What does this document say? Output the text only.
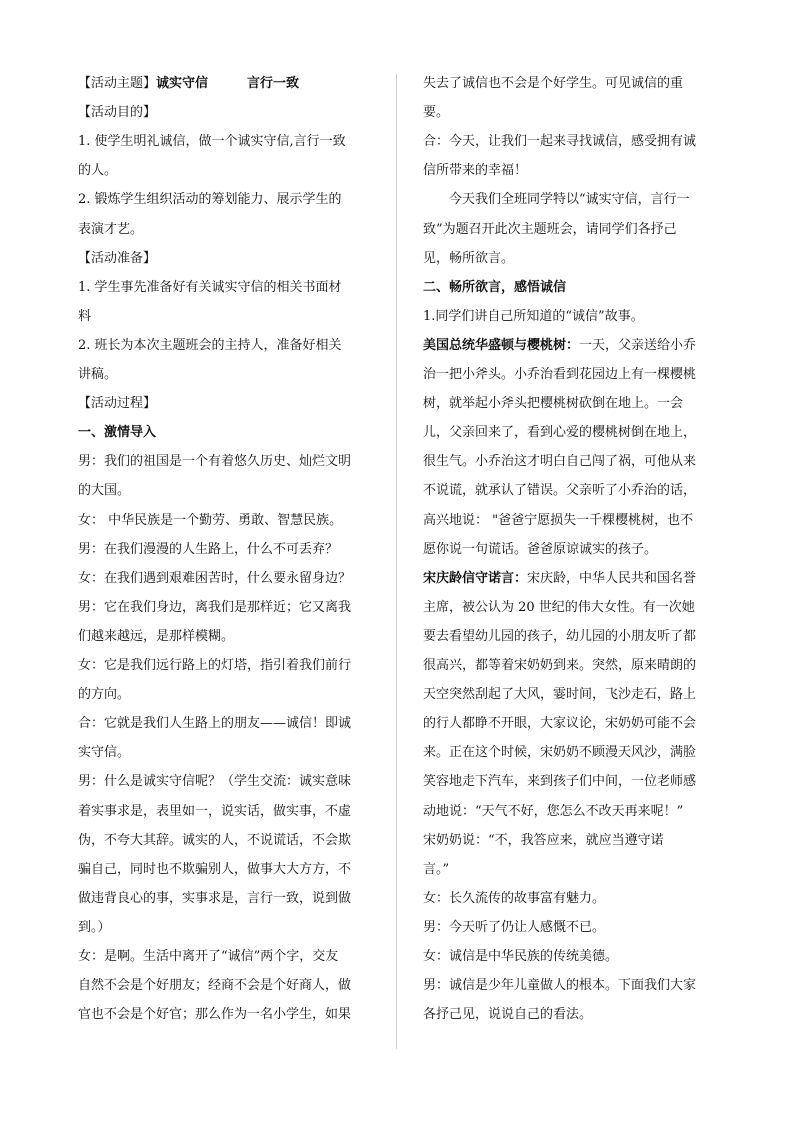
【活动主题】诚实守信　　　言行一致
【活动目的】
1. 使学生明礼诚信，做一个诚实守信,言行一致
的人。
2. 锻炼学生组织活动的筹划能力、展示学生的
表演才艺。
【活动准备】
1. 学生事先准备好有关诚实守信的相关书面材
料
2. 班长为本次主题班会的主持人，准备好相关
讲稿。
【活动过程】
一、激情导入
男：我们的祖国是一个有着悠久历史、灿烂文明
的大国。
女： 中华民族是一个勤劳、勇敢、智慧民族。
男：在我们漫漫的人生路上，什么不可丢弃？
女：在我们遇到艰难困苦时，什么要永留身边？
男：它在我们身边，离我们是那样近；它又离我
们越来越远，是那样模糊。
女：它是我们远行路上的灯塔，指引着我们前行
的方向。
合：它就是我们人生路上的朋友——诚信！即诚
实守信。
男：什么是诚实守信呢？（学生交流：诚实意味
着实事求是，表里如一，说实话，做实事，不虚
伪，不夸大其辞。诚实的人，不说谎话，不会欺
骗自己，同时也不欺骗别人，做事大大方方，不
做违背良心的事，实事求是，言行一致，说到做
到。）
女：是啊。生活中离开了“诚信”两个字，交友
自然不会是个好朋友；经商不会是个好商人，做
官也不会是个好官；那么作为一名小学生，如果
失去了诚信也不会是个好学生。可见诚信的重
要。
合：今天，让我们一起来寻找诚信，感受拥有诚
信所带来的幸福！
今天我们全班同学特以“诚实守信，言行一
致”为题召开此次主题班会，请同学们各抒己
见，畅所欲言。
二、畅所欲言，感悟诚信
1.同学们讲自己所知道的“诚信”故事。
美国总统华盛顿与樱桃树：一天，父亲送给小乔
治一把小斧头。小乔治看到花园边上有一棵樱桃
树，就举起小斧头把樱桃树砍倒在地上。一会
儿，父亲回来了，看到心爱的樱桃树倒在地上，
很生气。小乔治这才明白自己闯了祸，可他从来
不说谎，就承认了错误。父亲听了小乔治的话，
高兴地说： "爸爸宁愿损失一千棵樱桃树，也不
愿你说一句谎话。爸爸原谅诚实的孩子。
宋庆龄信守诺言：宋庆龄，中华人民共和国名誉
主席，被公认为 20 世纪的伟大女性。有一次她
要去看望幼儿园的孩子，幼儿园的小朋友听了都
很高兴，都等着宋奶奶到来。突然，原来晴朗的
天空突然刮起了大风，霎时间，飞沙走石，路上
的行人都睁不开眼，大家议论，宋奶奶可能不会
来。正在这个时候，宋奶奶不顾漫天风沙，满脸
笑容地走下汽车，来到孩子们中间，一位老师感
动地说：“天气不好，您怎么不改天再来呢！”
宋奶奶说：“不，我答应来，就应当遵守诺
言。”
女：长久流传的故事富有魅力。
男：今天听了仍让人感慨不已。
女：诚信是中华民族的传统美德。
男：诚信是少年儿童做人的根本。下面我们大家
各抒己见，说说自己的看法。
